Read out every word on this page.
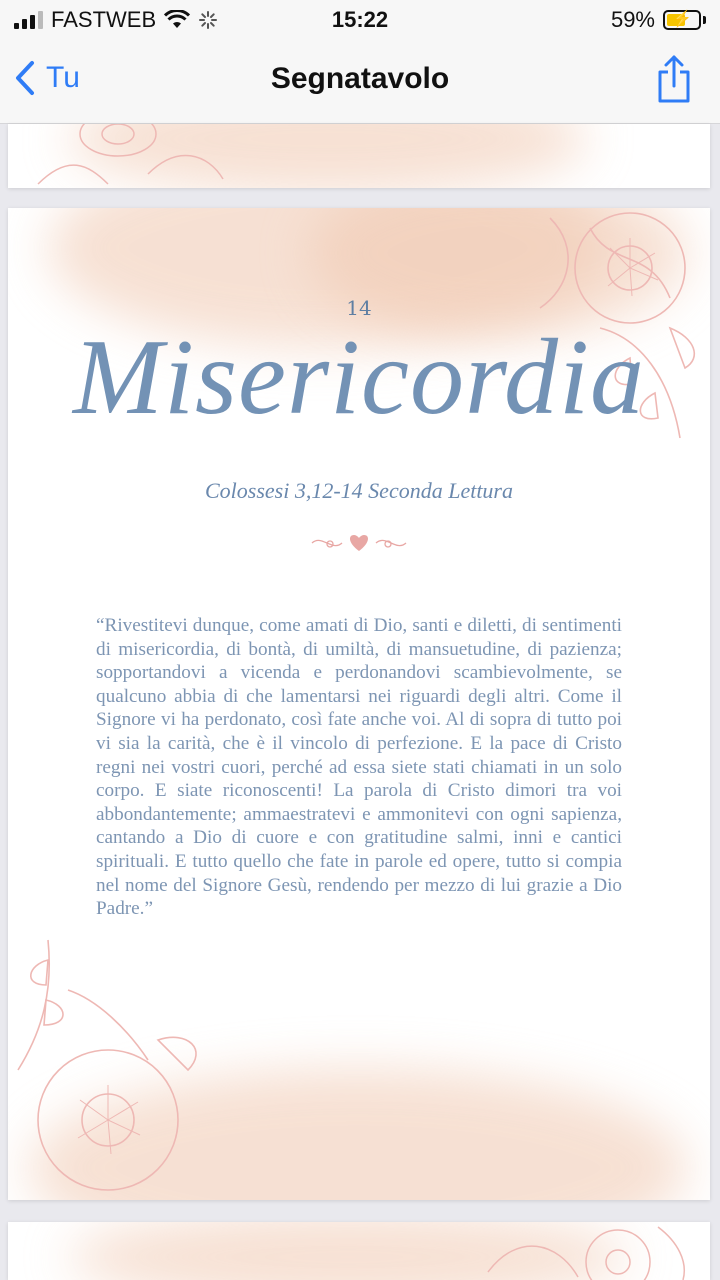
FASTWEB	15:22	59%	⚡
Tu	Segnatavolo
14
Misericordia
Colossesi 3,12-14 Seconda Lettura
“Rivestitevi dunque, come amati di Dio, santi e diletti, di sentimenti di misericordia, di bontà, di umiltà, di mansuetudine, di pazienza; sopportandovi a vicenda e perdonandovi scambievolmente, se qualcuno abbia di che lamentarsi nei riguardi degli altri. Come il Signore vi ha perdonato, così fate anche voi. Al di sopra di tutto poi vi sia la carità, che è il vincolo di perfezione. E la pace di Cristo regni nei vostri cuori, perché ad essa siete stati chiamati in un solo corpo. E siate riconoscenti! La parola di Cristo dimori tra voi abbondantemente; ammaestratevi e ammonitevi con ogni sapienza, cantando a Dio di cuore e con gratitudine salmi, inni e cantici spirituali. E tutto quello che fate in parole ed opere, tutto si compia nel nome del Signore Gesù, rendendo per mezzo di lui grazie a Dio Padre.”
